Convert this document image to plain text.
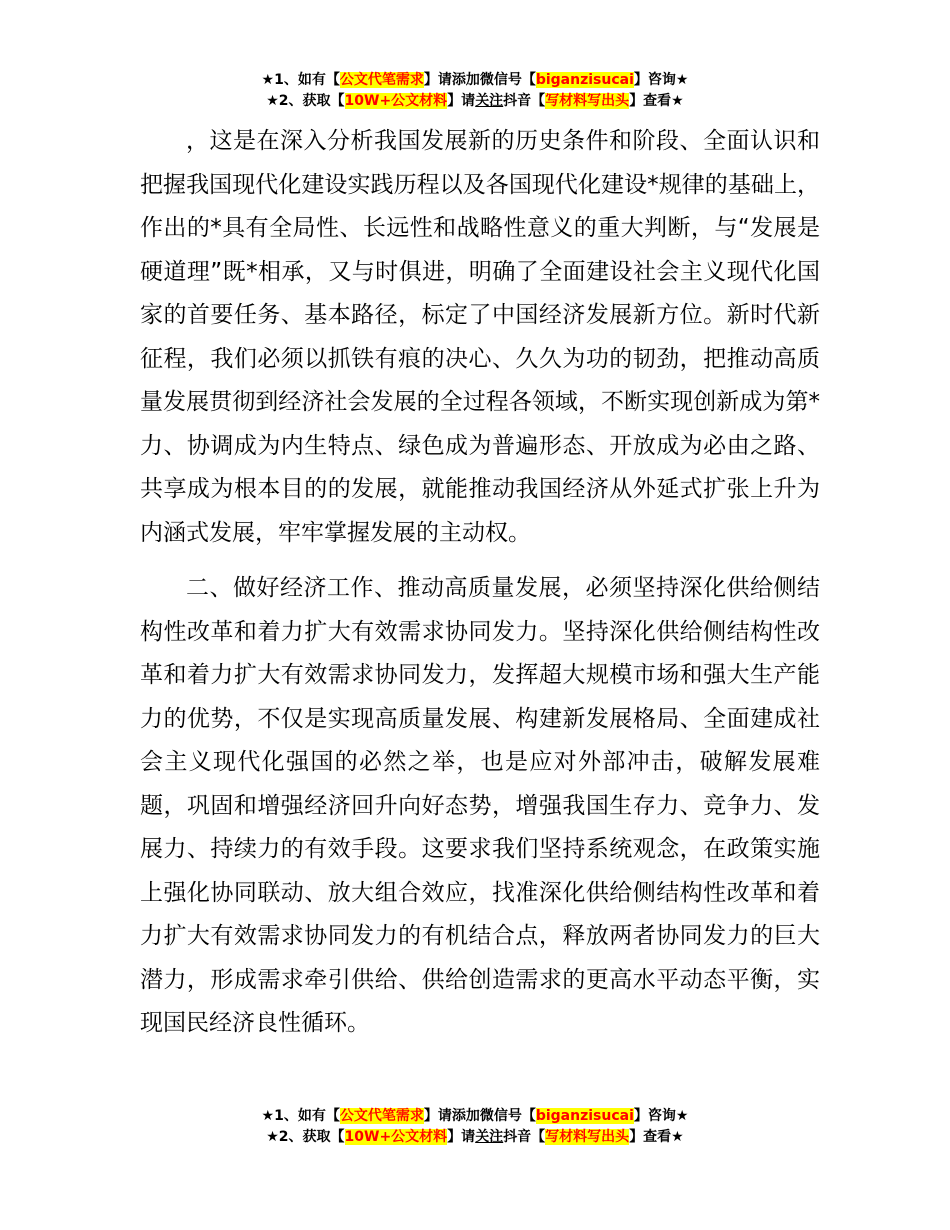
★1、如有【公文代笔需求】请添加微信号【biganzisucai】咨询★
★2、获取【10W+公文材料】请关注抖音【写材料写出头】查看★

，这是在深入分析我国发展新的历史条件和阶段、全面认识和把握我国现代化建设实践历程以及各国现代化建设*规律的基础上，作出的*具有全局性、长远性和战略性意义的重大判断，与“发展是硬道理”既*相承，又与时俱进，明确了全面建设社会主义现代化国家的首要任务、基本路径，标定了中国经济发展新方位。新时代新征程，我们必须以抓铁有痕的决心、久久为功的韧劲，把推动高质量发展贯彻到经济社会发展的全过程各领域，不断实现创新成为第*力、协调成为内生特点、绿色成为普遍形态、开放成为必由之路、共享成为根本目的的发展，就能推动我国经济从外延式扩张上升为内涵式发展，牢牢掌握发展的主动权。

二、做好经济工作、推动高质量发展，必须坚持深化供给侧结构性改革和着力扩大有效需求协同发力。坚持深化供给侧结构性改革和着力扩大有效需求协同发力，发挥超大规模市场和强大生产能力的优势，不仅是实现高质量发展、构建新发展格局、全面建成社会主义现代化强国的必然之举，也是应对外部冲击，破解发展难题，巩固和增强经济回升向好态势，增强我国生存力、竞争力、发展力、持续力的有效手段。这要求我们坚持系统观念，在政策实施上强化协同联动、放大组合效应，找准深化供给侧结构性改革和着力扩大有效需求协同发力的有机结合点，释放两者协同发力的巨大潜力，形成需求牵引供给、供给创造需求的更高水平动态平衡，实现国民经济良性循环。

★1、如有【公文代笔需求】请添加微信号【biganzisucai】咨询★
★2、获取【10W+公文材料】请关注抖音【写材料写出头】查看★
